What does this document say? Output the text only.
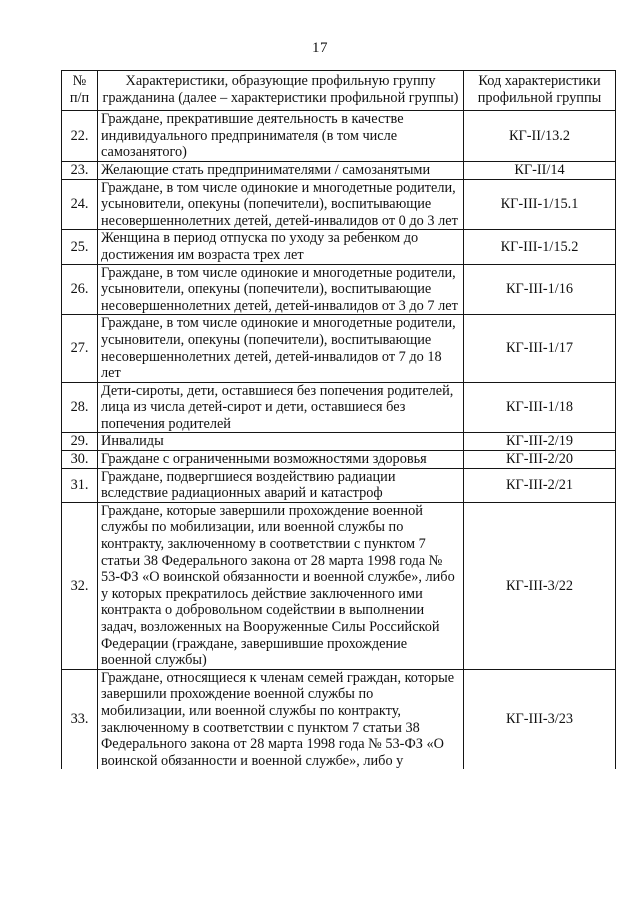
17
№ п/п	Характеристики, образующие профильную группу гражданина (далее – характеристики профильной группы)	Код характеристики профильной группы
22.	Граждане, прекратившие деятельность в качестве индивидуального предпринимателя (в том числе самозанятого)	КГ-II/13.2
23.	Желающие стать предпринимателями / самозанятыми	КГ-II/14
24.	Граждане, в том числе одинокие и многодетные родители, усыновители, опекуны (попечители), воспитывающие несовершеннолетних детей, детей-инвалидов от 0 до 3 лет	КГ-III-1/15.1
25.	Женщина в период отпуска по уходу за ребенком до достижения им возраста трех лет	КГ-III-1/15.2
26.	Граждане, в том числе одинокие и многодетные родители, усыновители, опекуны (попечители), воспитывающие несовершеннолетних детей, детей-инвалидов от 3 до 7 лет	КГ-III-1/16
27.	Граждане, в том числе одинокие и многодетные родители, усыновители, опекуны (попечители), воспитывающие несовершеннолетних детей, детей-инвалидов от 7 до 18 лет	КГ-III-1/17
28.	Дети-сироты, дети, оставшиеся без попечения родителей, лица из числа детей-сирот и дети, оставшиеся без попечения родителей	КГ-III-1/18
29.	Инвалиды	КГ-III-2/19
30.	Граждане с ограниченными возможностями здоровья	КГ-III-2/20
31.	Граждане, подвергшиеся воздействию радиации вследствие радиационных аварий и катастроф	КГ-III-2/21
32.	Граждане, которые завершили прохождение военной службы по мобилизации, или военной службы по контракту, заключенному в соответствии с пунктом 7 статьи 38 Федерального закона от 28 марта 1998 года № 53-ФЗ «О воинской обязанности и военной службе», либо у которых прекратилось действие заключенного ими контракта о добровольном содействии в выполнении задач, возложенных на Вооруженные Силы Российской Федерации (граждане, завершившие прохождение военной службы)	КГ-III-3/22
33.	Граждане, относящиеся к членам семей граждан, которые завершили прохождение военной службы по мобилизации, или военной службы по контракту, заключенному в соответствии с пунктом 7 статьи 38 Федерального закона от 28 марта 1998 года № 53-ФЗ «О воинской обязанности и военной службе», либо у	КГ-III-3/23
